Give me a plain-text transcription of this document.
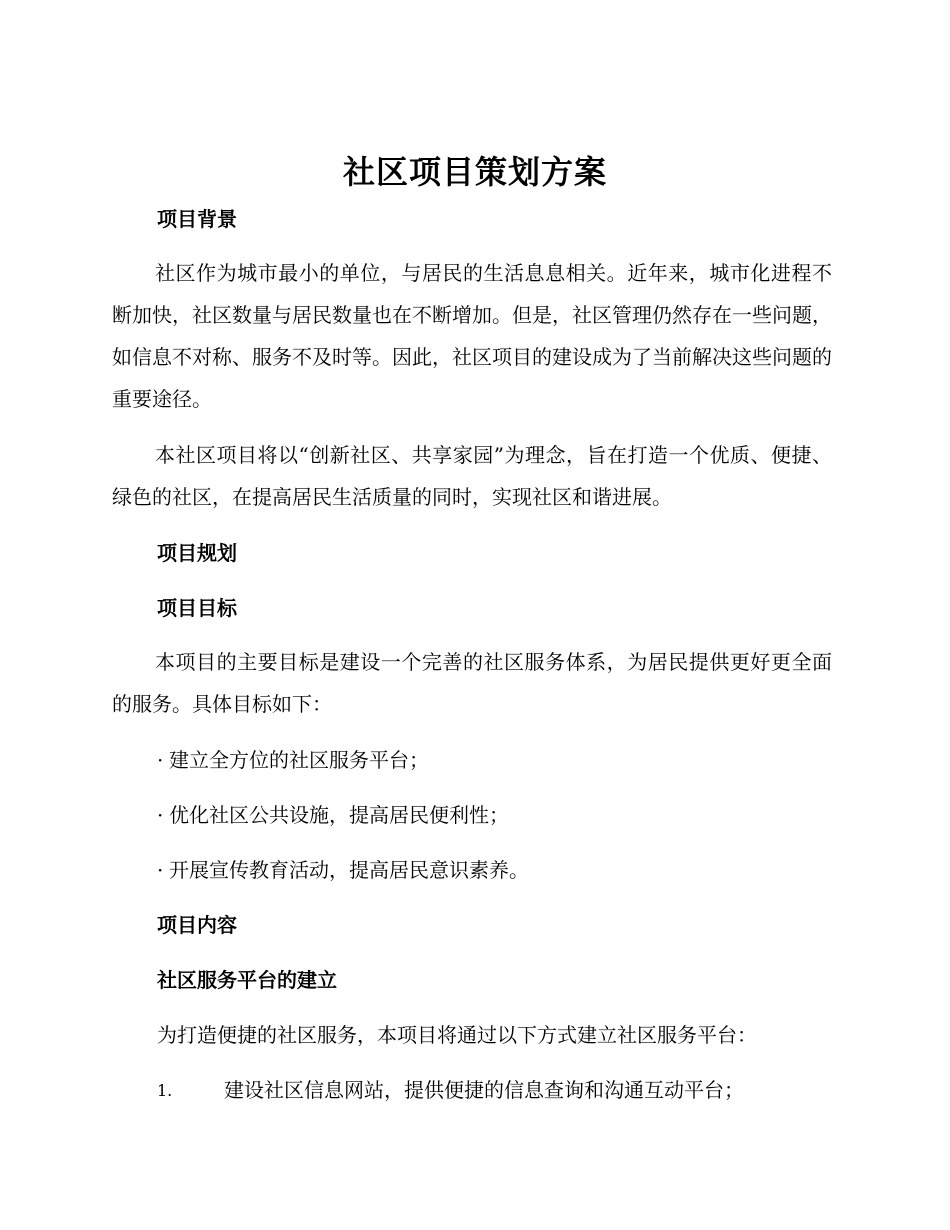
社区项目策划方案
项目背景
社区作为城市最小的单位，与居民的生活息息相关。近年来，城市化进程不断加快，社区数量与居民数量也在不断增加。但是，社区管理仍然存在一些问题，如信息不对称、服务不及时等。因此，社区项目的建设成为了当前解决这些问题的重要途径。
本社区项目将以“创新社区、共享家园”为理念，旨在打造一个优质、便捷、绿色的社区，在提高居民生活质量的同时，实现社区和谐进展。
项目规划
项目目标
本项目的主要目标是建设一个完善的社区服务体系，为居民提供更好更全面的服务。具体目标如下：
· 建立全方位的社区服务平台；
· 优化社区公共设施，提高居民便利性；
· 开展宣传教育活动，提高居民意识素养。
项目内容
社区服务平台的建立
为打造便捷的社区服务，本项目将通过以下方式建立社区服务平台：
1.	建设社区信息网站，提供便捷的信息查询和沟通互动平台；
